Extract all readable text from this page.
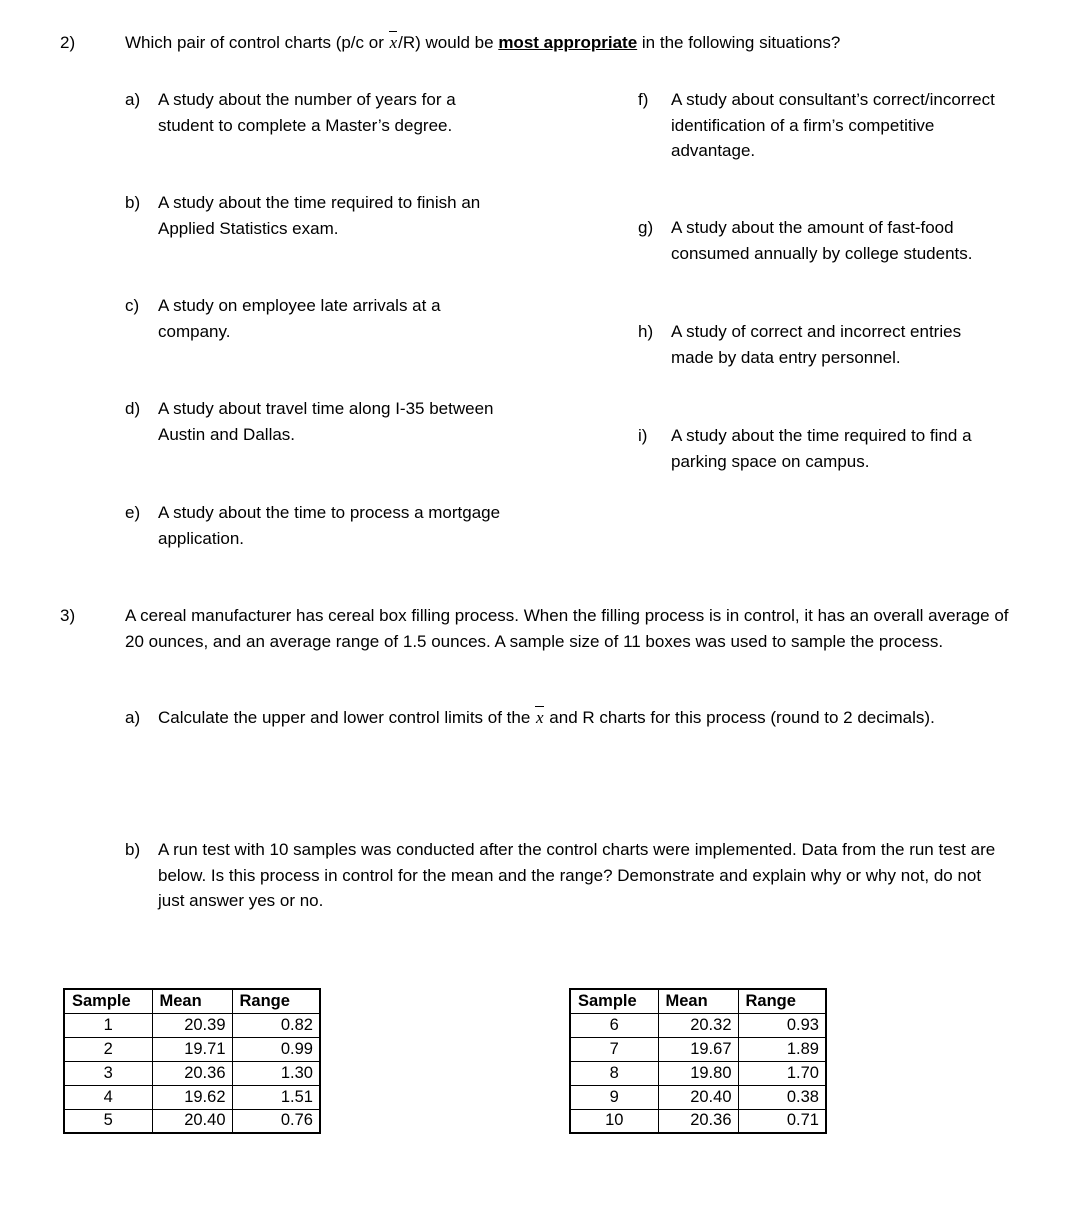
2)	Which pair of control charts (p/c or x/R) would be most appropriate in the following situations?
a)	A study about the number of years for a student to complete a Master’s degree.
b)	A study about the time required to finish an Applied Statistics exam.
c)	A study on employee late arrivals at a company.
d)	A study about travel time along I-35 between Austin and Dallas.
e)	A study about the time to process a mortgage application.
f)	A study about consultant’s correct/incorrect identification of a firm’s competitive advantage.
g)	A study about the amount of fast-food consumed annually by college students.
h)	A study of correct and incorrect entries made by data entry personnel.
i)	A study about the time required to find a parking space on campus.
3)	A cereal manufacturer has cereal box filling process. When the filling process is in control, it has an overall average of 20 ounces, and an average range of 1.5 ounces. A sample size of 11 boxes was used to sample the process.
a)	Calculate the upper and lower control limits of the x and R charts for this process (round to 2 decimals).
b)	A run test with 10 samples was conducted after the control charts were implemented. Data from the run test are below. Is this process in control for the mean and the range? Demonstrate and explain why or why not, do not just answer yes or no.
Sample	Mean	Range
1	20.39	0.82
2	19.71	0.99
3	20.36	1.30
4	19.62	1.51
5	20.40	0.76
Sample	Mean	Range
6	20.32	0.93
7	19.67	1.89
8	19.80	1.70
9	20.40	0.38
10	20.36	0.71
